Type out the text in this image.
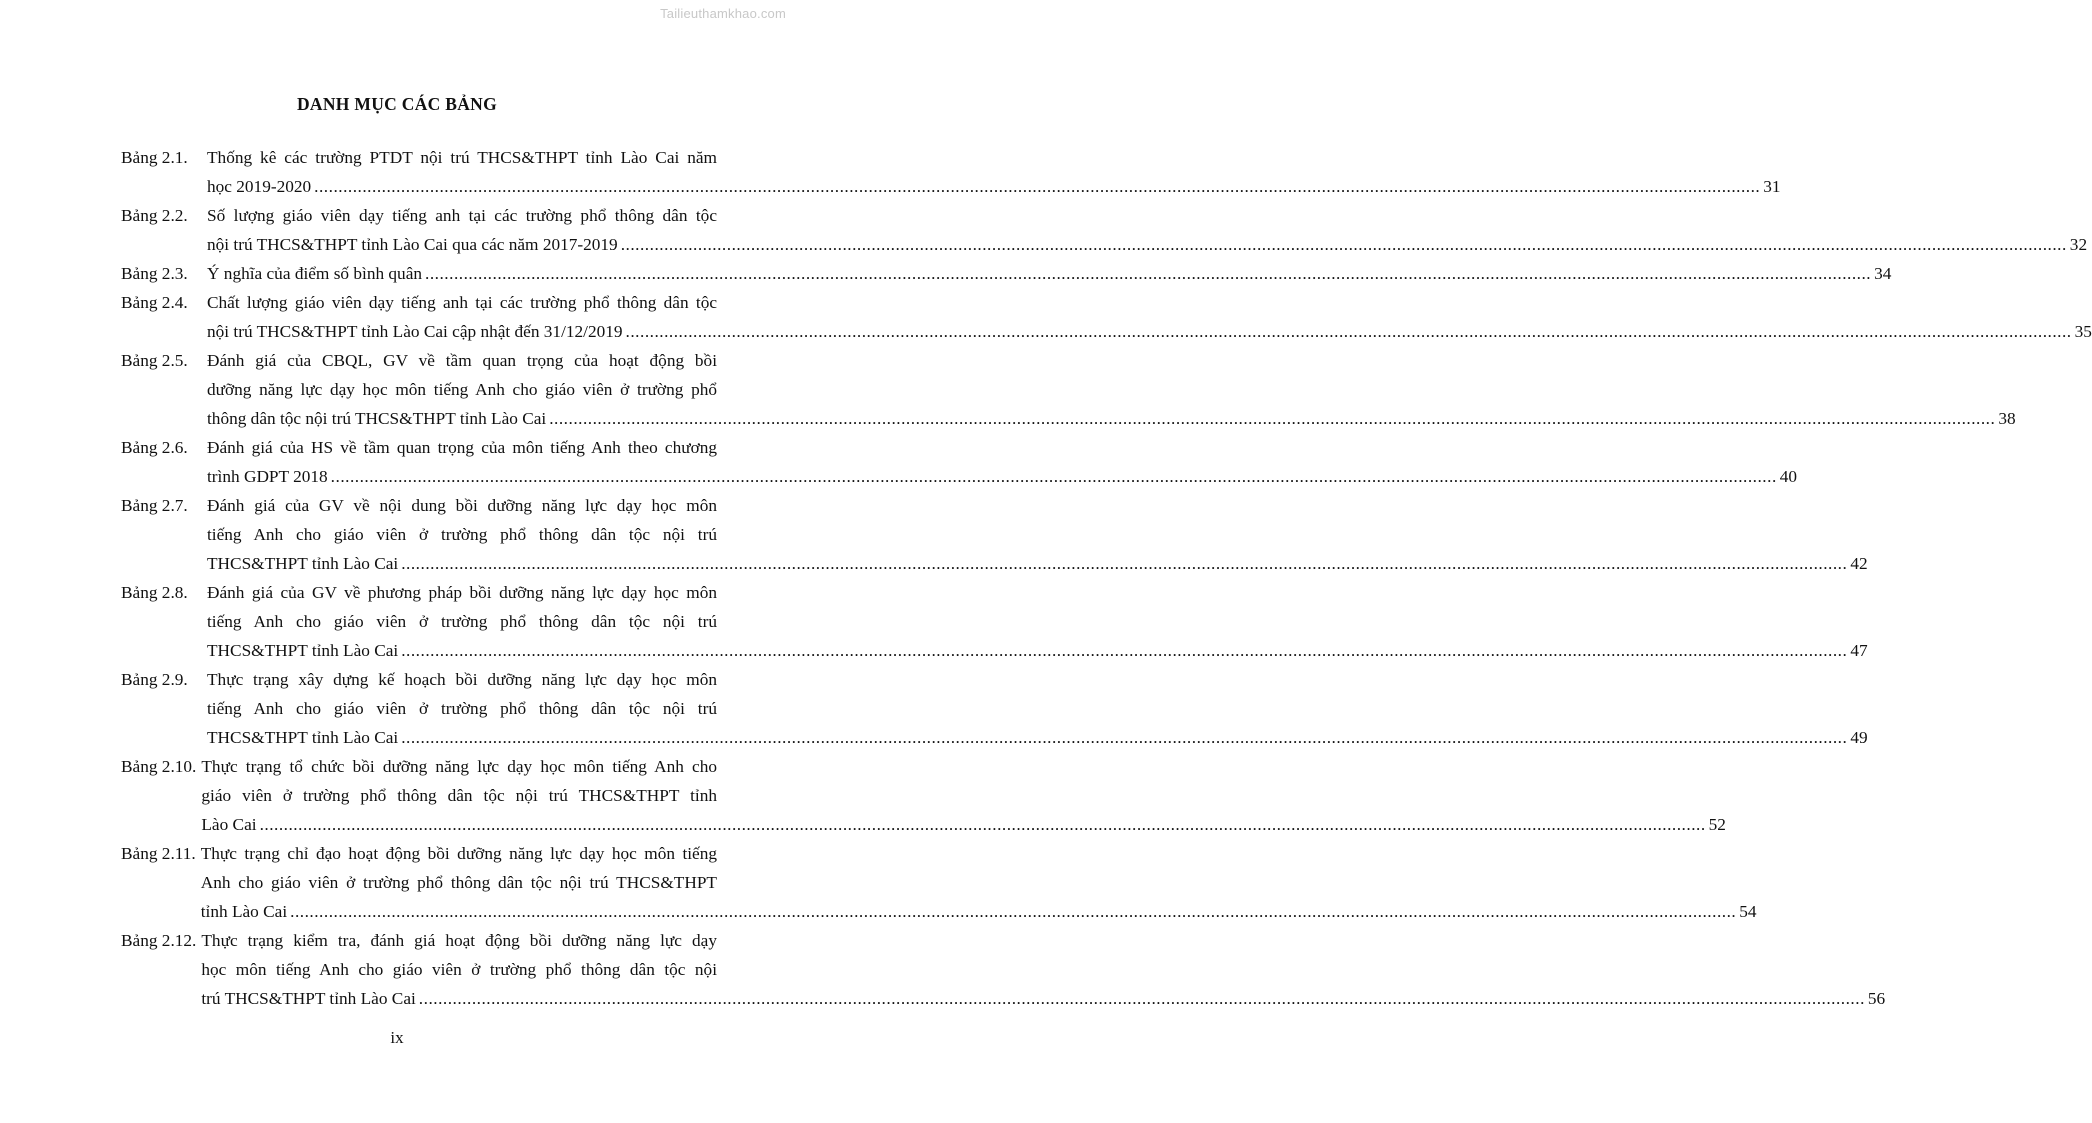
Tailieuthamkhao.com
DANH MỤC CÁC BẢNG
Bảng 2.1.	Thống kê các trường PTDT nội trú THCS&THPT tỉnh Lào Cai năm
học 2019-2020 ............................................................................................................................................................................................................................................................................................................ 31
Bảng 2.2.	Số lượng giáo viên dạy tiếng anh tại các trường phổ thông dân tộc
nội trú THCS&THPT tỉnh Lào Cai qua các năm 2017-2019 ............................................................................................................................................................................................................................................................................................................ 32
Bảng 2.3.	Ý nghĩa của điểm số bình quân ............................................................................................................................................................................................................................................................................................................ 34
Bảng 2.4.	Chất lượng giáo viên dạy tiếng anh tại các trường phổ thông dân tộc
nội trú THCS&THPT tỉnh Lào Cai cập nhật đến 31/12/2019 ............................................................................................................................................................................................................................................................................................................ 35
Bảng 2.5.	Đánh giá của CBQL, GV về tầm quan trọng của hoạt động bồi
dưỡng năng lực dạy học môn tiếng Anh cho giáo viên ở trường phổ
thông dân tộc nội trú THCS&THPT tỉnh Lào Cai ............................................................................................................................................................................................................................................................................................................ 38
Bảng 2.6.	Đánh giá của HS về tầm quan trọng của môn tiếng Anh theo chương
trình GDPT 2018 ............................................................................................................................................................................................................................................................................................................ 40
Bảng 2.7.	Đánh giá của GV về nội dung bồi dưỡng năng lực dạy học môn
tiếng Anh cho giáo viên ở trường phổ thông dân tộc nội trú
THCS&THPT tỉnh Lào Cai ............................................................................................................................................................................................................................................................................................................ 42
Bảng 2.8.	Đánh giá của GV về phương pháp bồi dưỡng năng lực dạy học môn
tiếng Anh cho giáo viên ở trường phổ thông dân tộc nội trú
THCS&THPT tỉnh Lào Cai ............................................................................................................................................................................................................................................................................................................ 47
Bảng 2.9.	Thực trạng xây dựng kế hoạch bồi dưỡng năng lực dạy học môn
tiếng Anh cho giáo viên ở trường phổ thông dân tộc nội trú
THCS&THPT tỉnh Lào Cai ............................................................................................................................................................................................................................................................................................................ 49
Bảng 2.10. Thực trạng tổ chức bồi dưỡng năng lực dạy học môn tiếng Anh cho
giáo viên ở trường phổ thông dân tộc nội trú THCS&THPT tỉnh
Lào Cai ............................................................................................................................................................................................................................................................................................................ 52
Bảng 2.11. Thực trạng chỉ đạo hoạt động bồi dưỡng năng lực dạy học môn tiếng
Anh cho giáo viên ở trường phổ thông dân tộc nội trú THCS&THPT
tỉnh Lào Cai ............................................................................................................................................................................................................................................................................................................ 54
Bảng 2.12. Thực trạng kiểm tra, đánh giá hoạt động bồi dưỡng năng lực dạy
học môn tiếng Anh cho giáo viên ở trường phổ thông dân tộc nội
trú THCS&THPT tỉnh Lào Cai ............................................................................................................................................................................................................................................................................................................ 56
ix
